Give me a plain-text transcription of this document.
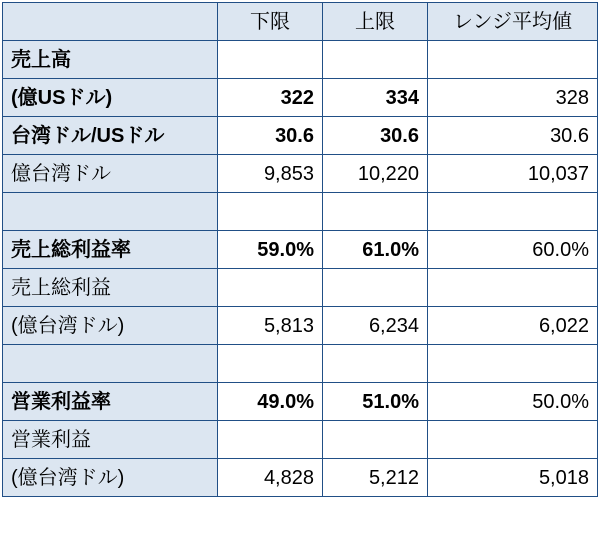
	下限	上限	レンジ平均値
売上高			
(億USドル)	322	334	328
台湾ドル/USドル	30.6	30.6	30.6
億台湾ドル	9,853	10,220	10,037

売上総利益率	59.0%	61.0%	60.0%
売上総利益			
(億台湾ドル)	5,813	6,234	6,022

営業利益率	49.0%	51.0%	50.0%
営業利益			
(億台湾ドル)	4,828	5,212	5,018
